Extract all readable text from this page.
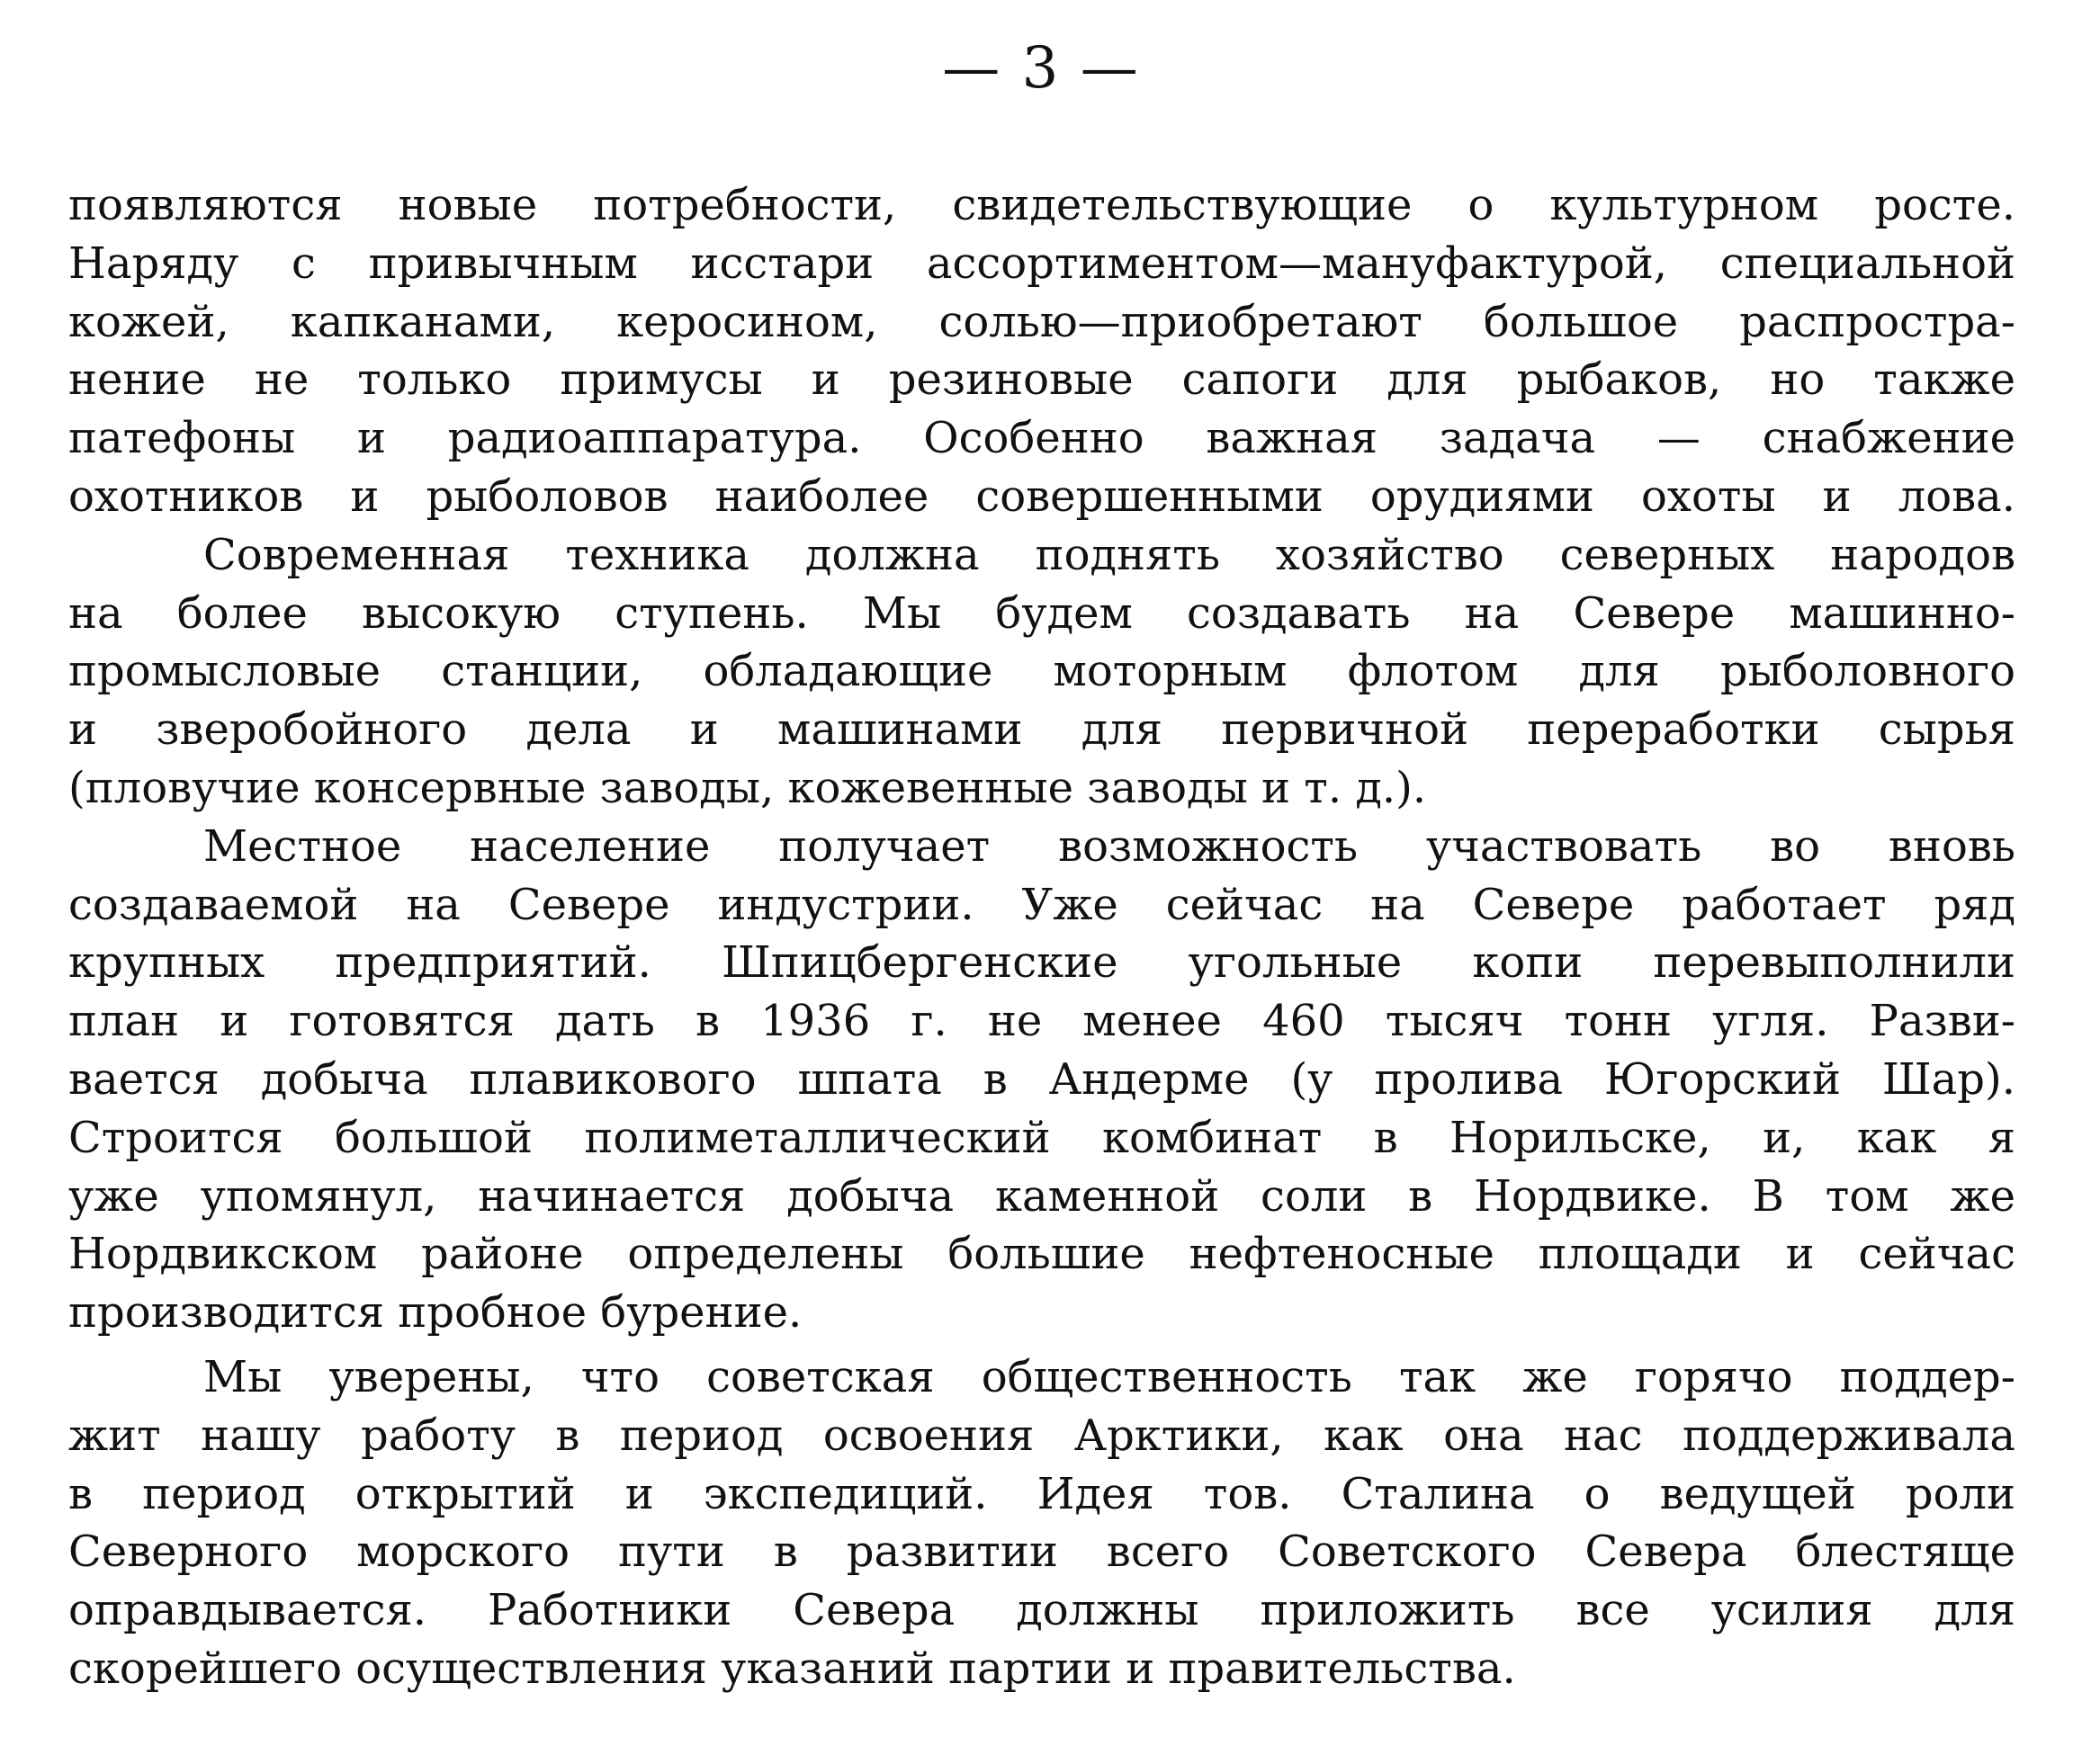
— 3 —

появляются новые потребности, свидетельствующие о культурном росте.
Наряду с привычным исстари ассортиментом—мануфактурой, специальной
кожей, капканами, керосином, солью—приобретают большое распростра-
нение не только примусы и резиновые сапоги для рыбаков, но также
патефоны и радиоаппаратура. Особенно важная задача — снабжение
охотников и рыболовов наиболее совершенными орудиями охоты и лова.

Современная техника должна поднять хозяйство северных народов
на более высокую ступень. Мы будем создавать на Севере машинно-
промысловые станции, обладающие моторным флотом для рыболовного
и зверобойного дела и машинами для первичной переработки сырья
(пловучие консервные заводы, кожевенные заводы и т. д.).

Местное население получает возможность участвовать во вновь
создаваемой на Севере индустрии. Уже сейчас на Севере работает ряд
крупных предприятий. Шпицбергенские угольные копи перевыполнили
план и готовятся дать в 1936 г. не менее 460 тысяч тонн угля. Разви-
вается добыча плавикового шпата в Андерме (у пролива Югорский Шар).
Строится большой полиметаллический комбинат в Норильске, и, как я
уже упомянул, начинается добыча каменной соли в Нордвике. В том же
Нордвикском районе определены большие нефтеносные площади и сейчас
производится пробное бурение.

Мы уверены, что советская общественность так же горячо поддер-
жит нашу работу в период освоения Арктики, как она нас поддерживала
в период открытий и экспедиций. Идея тов. Сталина о ведущей роли
Северного морского пути в развитии всего Советского Севера блестяще
оправдывается. Работники Севера должны приложить все усилия для
скорейшего осуществления указаний партии и правительства.
